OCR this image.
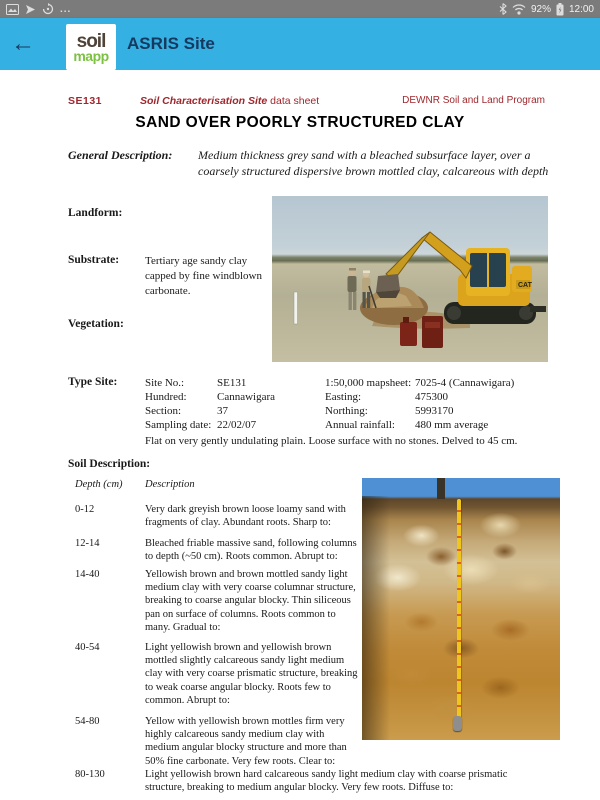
...	92% 12:00
←	soil
mapp
ASRIS Site
SE131	Soil Characterisation Site data sheet	DEWNR Soil and Land Program
SAND OVER POORLY STRUCTURED CLAY
General Description:	Medium thickness grey sand with a bleached subsurface layer, over a coarsely structured dispersive brown mottled clay, calcareous with depth
Landform:
CAT
Substrate: Tertiary age sandy clay capped by fine windblown carbonate.
Vegetation:
Type Site:	Site No.:	SE131	1:50,000 mapsheet: 7025-4 (Cannawigara)
Hundred:	Cannawigara	Easting:	475300
Section:	37	Northing:	5993170
Sampling date: 22/02/07	Annual rainfall:	480 mm average
Flat on very gently undulating plain. Loose surface with no stones. Delved to 45 cm.
Soil Description:
Depth (cm)	Description
0-12	Very dark greyish brown loose loamy sand with fragments of clay. Abundant roots. Sharp to:
12-14	Bleached friable massive sand, following columns to depth (~50 cm). Roots common. Abrupt to:
14-40	Yellowish brown and brown mottled sandy light medium clay with very coarse columnar structure, breaking to coarse angular blocky. Thin siliceous pan on surface of columns. Roots common to many. Gradual to:
40-54	Light yellowish brown and yellowish brown mottled slightly calcareous sandy light medium clay with very coarse prismatic structure, breaking to weak coarse angular blocky. Roots few to common. Abrupt to:
54-80	Yellow with yellowish brown mottles firm very highly calcareous sandy medium clay with medium angular blocky structure and more than 50% fine carbonate. Very few roots. Clear to:
80-130	Light yellowish brown hard calcareous sandy light medium clay with coarse prismatic structure, breaking to medium angular blocky. Very few roots. Diffuse to:
